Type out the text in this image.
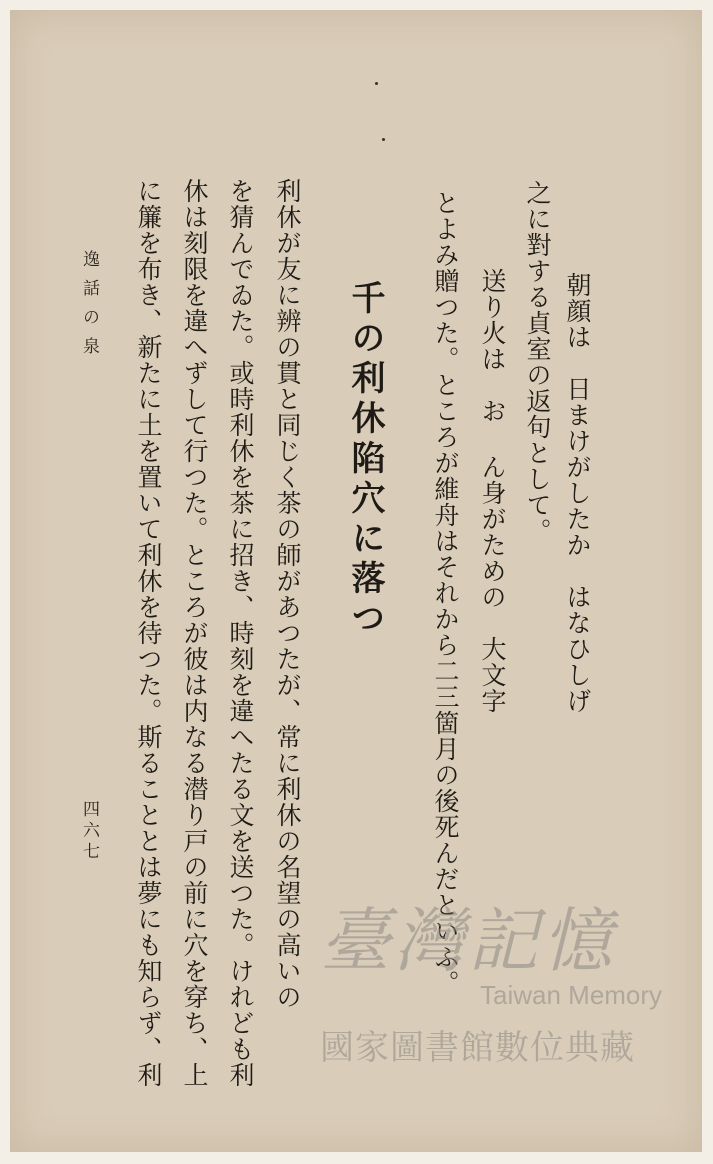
朝顔は　日まけがしたか　はなひしげ
之に對する貞室の返句として。
送り火は　お ん身がための　大文字
とよみ贈つた。ところが維舟はそれから二三箇月の後死んだといふ。
千の利休陷穴に落つ
利休が友に辨の貫と同じく茶の師があつたが、常に利休の名望の高いの
を猜んでゐた。或時利休を茶に招き、時刻を違へたる文を送つた。けれども利
休は刻限を違へずして行つた。ところが彼は内なる潜り戸の前に穴を穿ち、上
に簾を布き、新たに土を置いて利休を待つた。斯ることとは夢にも知らず、利
逸話の泉
四六七
臺灣記憶
Taiwan Memory
國家圖書館數位典藏
